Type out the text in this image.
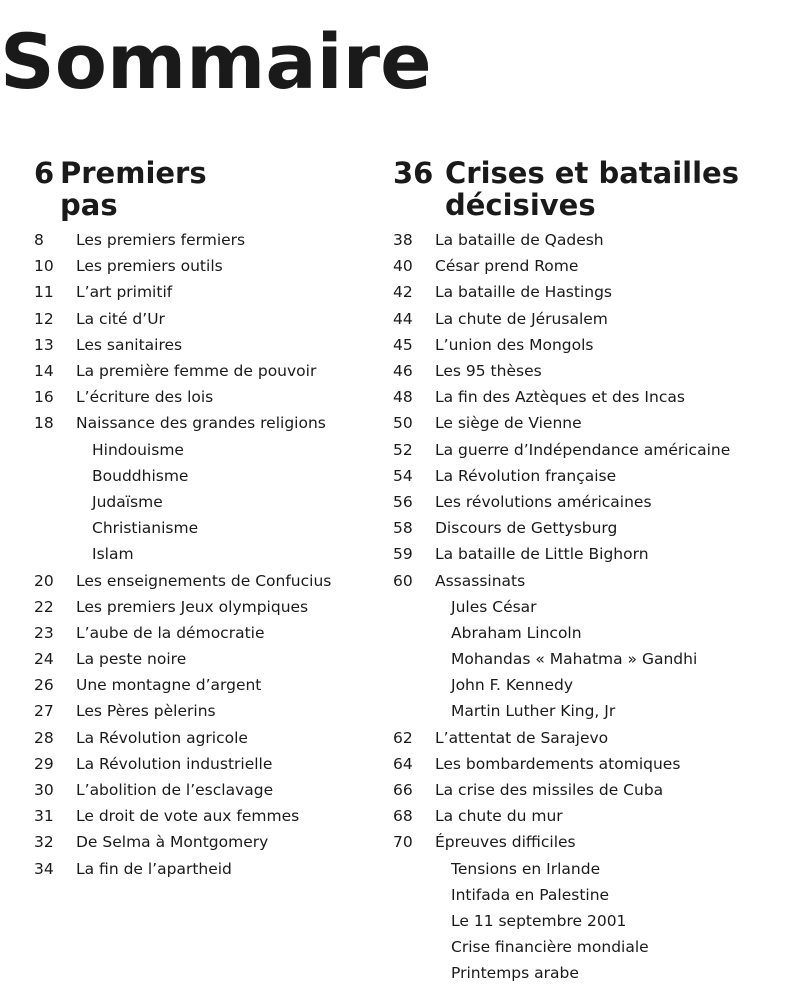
Sommaire
6 Premiers
pas
8	Les premiers fermiers
10	Les premiers outils
11	L’art primitif
12	La cité d’Ur
13	Les sanitaires
14	La première femme de pouvoir
16	L’écriture des lois
18	Naissance des grandes religions
Hindouisme
Bouddhisme
Judaïsme
Christianisme
Islam
20	Les enseignements de Confucius
22	Les premiers Jeux olympiques
23	L’aube de la démocratie
24	La peste noire
26	Une montagne d’argent
27	Les Pères pèlerins
28	La Révolution agricole
29	La Révolution industrielle
30	L’abolition de l’esclavage
31	Le droit de vote aux femmes
32	De Selma à Montgomery
34	La fin de l’apartheid
36 Crises et batailles
décisives
38	La bataille de Qadesh
40	César prend Rome
42	La bataille de Hastings
44	La chute de Jérusalem
45	L’union des Mongols
46	Les 95 thèses
48	La fin des Aztèques et des Incas
50	Le siège de Vienne
52	La guerre d’Indépendance américaine
54	La Révolution française
56	Les révolutions américaines
58	Discours de Gettysburg
59	La bataille de Little Bighorn
60	Assassinats
Jules César
Abraham Lincoln
Mohandas « Mahatma » Gandhi
John F. Kennedy
Martin Luther King, Jr
62	L’attentat de Sarajevo
64	Les bombardements atomiques
66	La crise des missiles de Cuba
68	La chute du mur
70	Épreuves difficiles
Tensions en Irlande
Intifada en Palestine
Le 11 septembre 2001
Crise financière mondiale
Printemps arabe
